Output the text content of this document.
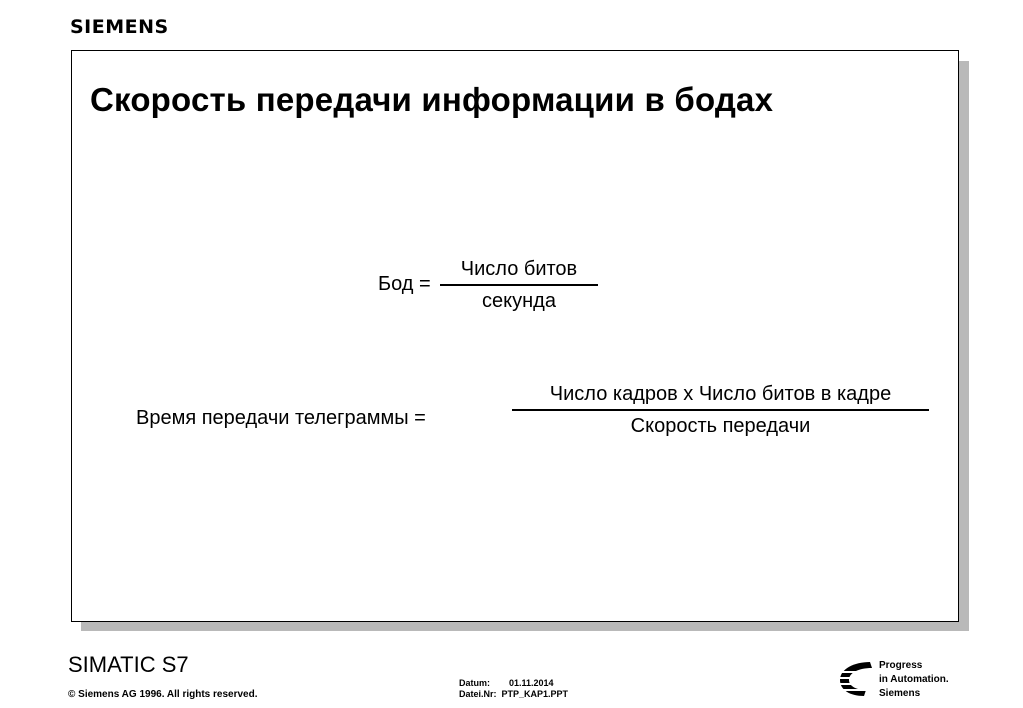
SIEMENS
Скорость передачи информации в бодах
Бод =
Число битов
секунда
Время передачи телеграммы =
Число кадров x Число битов в кадре
Скорость передачи
SIMATIC S7
© Siemens AG 1996. All rights reserved.
Datum: 01.11.2014
Datei.Nr: PTP_KAP1.PPT
Progress
in Automation.
Siemens
